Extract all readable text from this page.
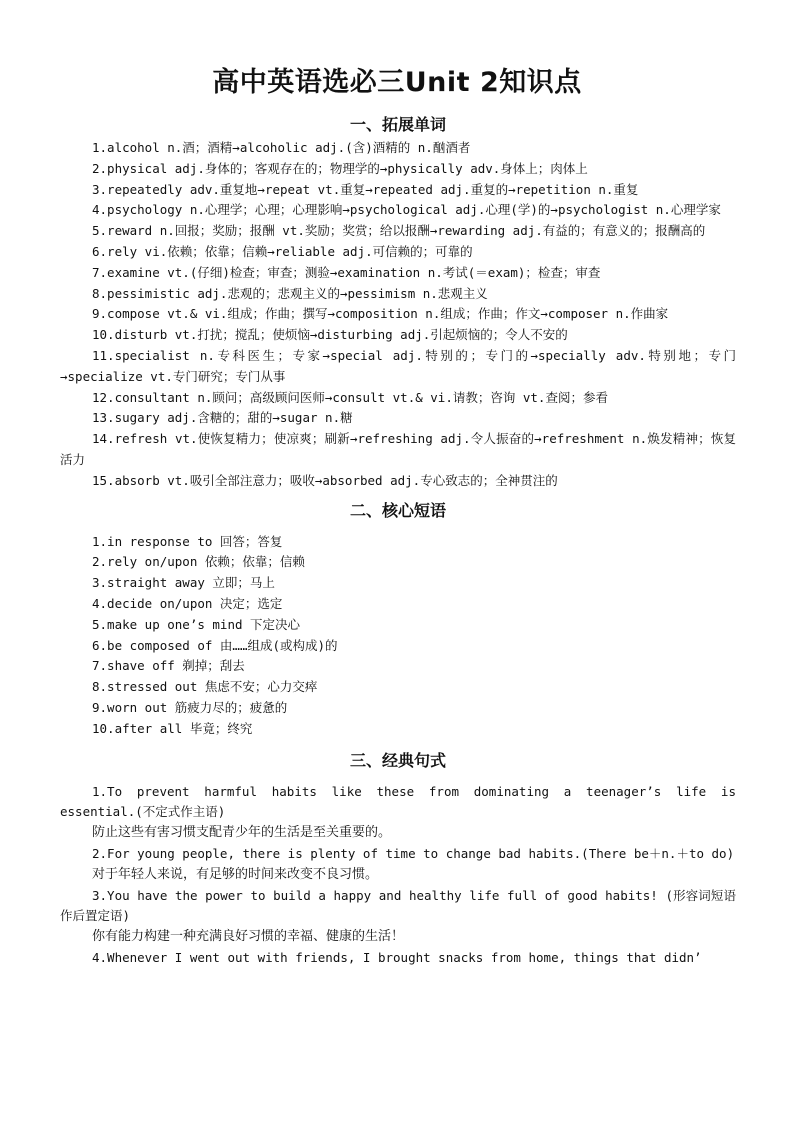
高中英语选必三Unit 2知识点

一、拓展单词

1.alcohol n.酒；酒精→alcoholic adj.(含)酒精的 n.酗酒者

2.physical adj.身体的；客观存在的；物理学的→physically adv.身体上；肉体上

3.repeatedly adv.重复地→repeat vt.重复→repeated adj.重复的→repetition n.重复

4.psychology n.心理学；心理；心理影响→psychological adj.心理(学)的→psychologist n.心理学家

5.reward n.回报；奖励；报酬 vt.奖励；奖赏；给以报酬→rewarding adj.有益的；有意义的；报酬高的

6.rely vi.依赖；依靠；信赖→reliable adj.可信赖的；可靠的

7.examine vt.(仔细)检查；审查；测验→examination n.考试(＝exam)；检查；审查

8.pessimistic adj.悲观的；悲观主义的→pessimism n.悲观主义

9.compose vt.& vi.组成；作曲；撰写→composition n.组成；作曲；作文→composer n.作曲家

10.disturb vt.打扰；搅乱；使烦恼→disturbing adj.引起烦恼的；令人不安的

11.specialist n.专科医生；专家→special adj.特别的；专门的→specially adv.特别地；专门→specialize vt.专门研究；专门从事

12.consultant n.顾问；高级顾问医师→consult vt.& vi.请教；咨询 vt.查阅；参看

13.sugary adj.含糖的；甜的→sugar n.糖

14.refresh vt.使恢复精力；使凉爽；刷新→refreshing adj.令人振奋的→refreshment n.焕发精神；恢复活力

15.absorb vt.吸引全部注意力；吸收→absorbed adj.专心致志的；全神贯注的

二、核心短语

1.in response to 回答；答复

2.rely on/upon 依赖；依靠；信赖

3.straight away 立即；马上

4.decide on/upon 决定；选定

5.make up one’s mind 下定决心

6.be composed of 由……组成(或构成)的

7.shave off 剃掉；刮去

8.stressed out 焦虑不安；心力交瘁

9.worn out 筋疲力尽的；疲惫的

10.after all 毕竟；终究

三、经典句式

1.To prevent harmful habits like these from dominating a teenager’s life is essential.(不定式作主语)

防止这些有害习惯支配青少年的生活是至关重要的。

2.For young people, there is plenty of time to change bad habits.(There be＋n.＋to do)

对于年轻人来说，有足够的时间来改变不良习惯。

3.You have the power to build a happy and healthy life full of good habits! (形容词短语作后置定语)

你有能力构建一种充满良好习惯的幸福、健康的生活！

4.Whenever I went out with friends, I brought snacks from home, things that didn’
